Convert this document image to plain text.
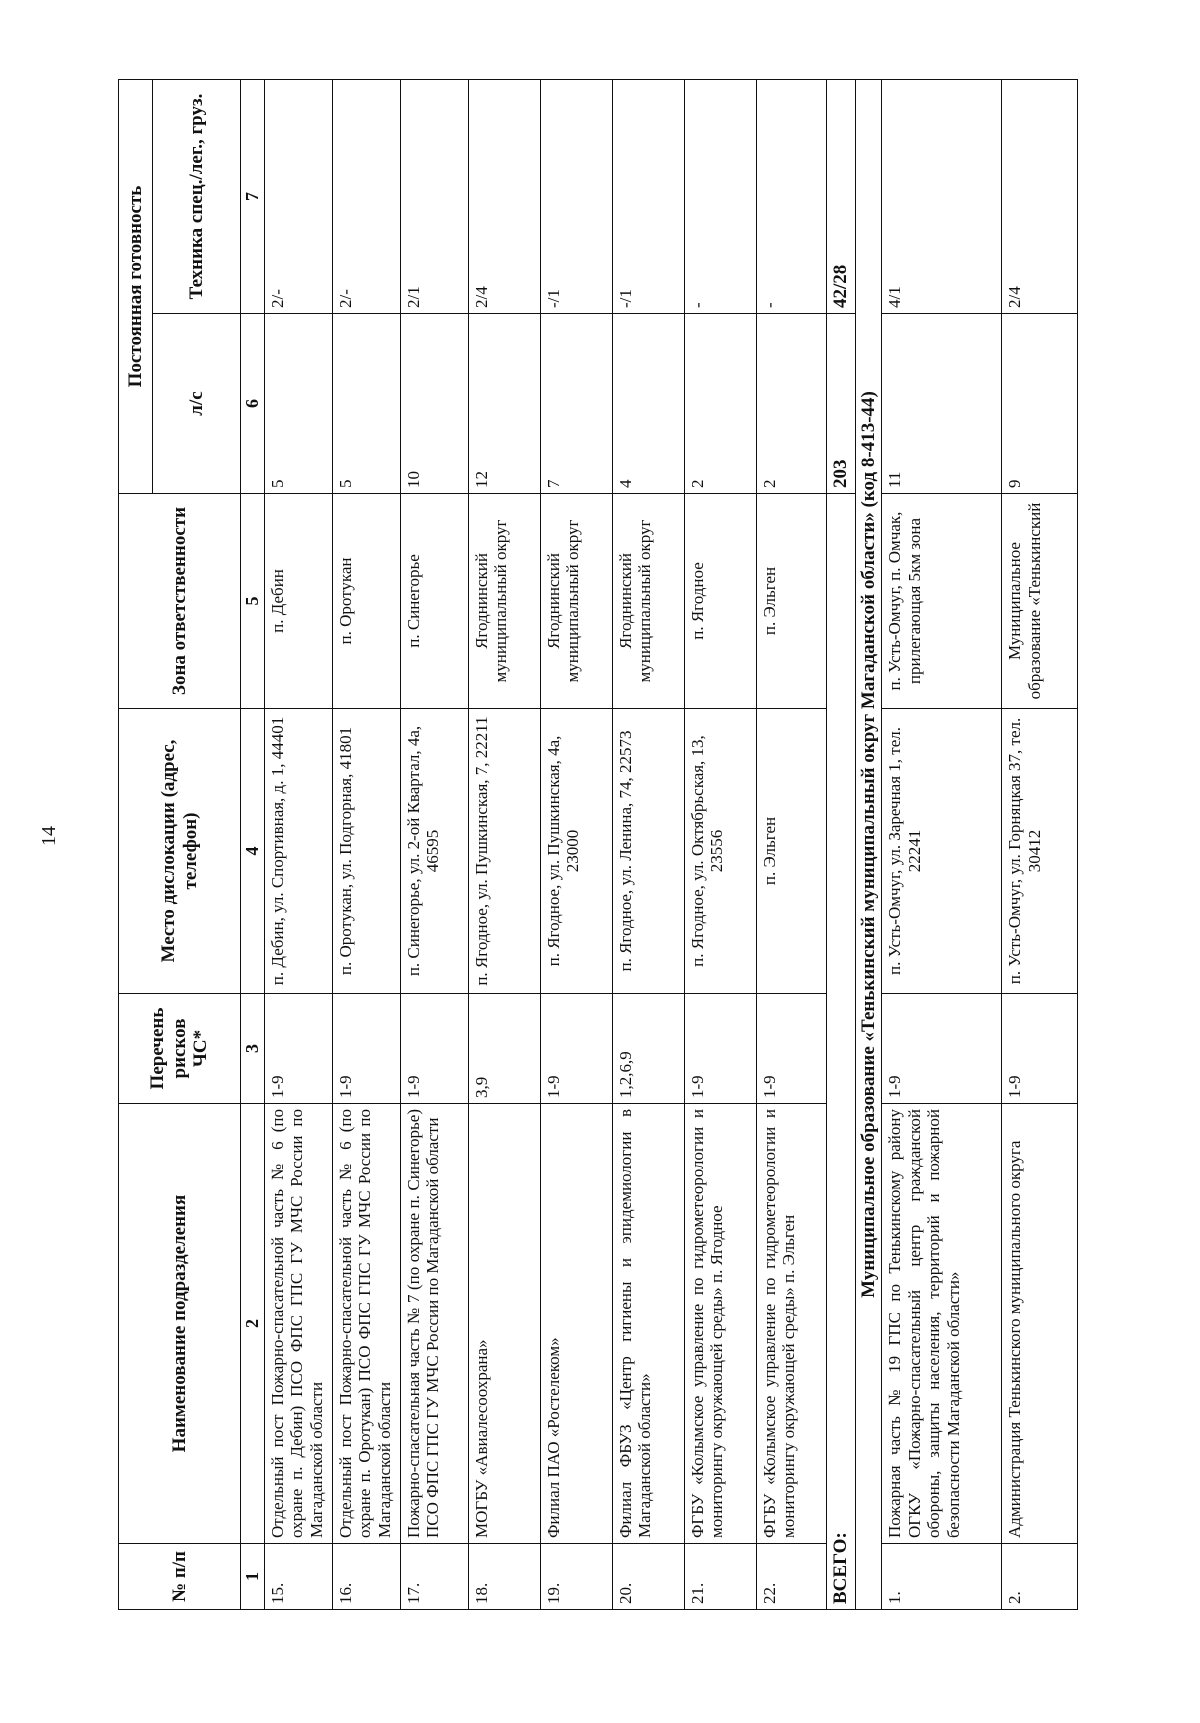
14
№ п/п	Наименование подразделения	Перечень рисков ЧС*	Место дислокации (адрес, телефон)	Зона ответственности	Постоянная готовность	
					л/с	Техника спец./лег., груз.
1	2	3	4	5	6	7
15.	Отдельный пост Пожарно-спасательной часть № 6 (по охране п. Дебин) ПСО ФПС ГПС ГУ МЧС России по Магаданской области	1-9	п. Дебин, ул. Спортивная, д. 1, 44401	п. Дебин	5	2/-
16.	Отдельный пост Пожарно-спасательной часть № 6 (по охране п. Оротукан) ПСО ФПС ГПС ГУ МЧС России по Магаданской области	1-9	п. Оротукан, ул. Подгорная, 41801	п. Оротукан	5	2/-
17.	Пожарно-спасательная часть № 7 (по охране п. Синегорье) ПСО ФПС ГПС ГУ МЧС России по Магаданской области	1-9	п. Синегорье, ул. 2-ой Квартал, 4а, 46595	п. Синегорье	10	2/1
18.	МОГБУ «Авиалесоохрана»	3,9	п. Ягодное, ул. Пушкинская, 7, 22211	Ягоднинский муниципальный округ	12	2/4
19.	Филиал ПАО «Ростелеком»	1-9	п. Ягодное, ул. Пушкинская, 4а, 23000	Ягоднинский муниципальный округ	7	-/1
20.	Филиал ФБУЗ «Центр гигиены и эпидемиологии в Магаданской области»	1,2,6,9	п. Ягодное, ул. Ленина, 74, 22573	Ягоднинский муниципальный округ	4	-/1
21.	ФГБУ «Колымское управление по гидрометеорологии и мониторингу окружающей среды» п. Ягодное	1-9	п. Ягодное, ул. Октябрьская, 13, 23556	п. Ягодное	2	-
22.	ФГБУ «Колымское управление по гидрометеорологии и мониторингу окружающей среды» п. Эльген	1-9	п. Эльген	п. Эльген	2	-
ВСЕГО:					203	42/28
Муниципальное образование «Тенькинский муниципальный округ Магаданской области» (код 8-413-44)						
1.	Пожарная часть № 19 ГПС по Тенькинскому району ОГКУ «Пожарно-спасательный центр гражданской обороны, защиты населения, территорий и пожарной безопасности Магаданской области»	1-9	п. Усть-Омчуг, ул. Заречная 1, тел. 22241	п. Усть-Омчуг, п. Омчак, прилегающая 5км зона	11	4/1
2.	Администрация Тенькинского муниципального округа	1-9	п. Усть-Омчуг, ул. Горняцкая 37, тел. 30412	Муниципальное образование «Тенькинский	9	2/4
